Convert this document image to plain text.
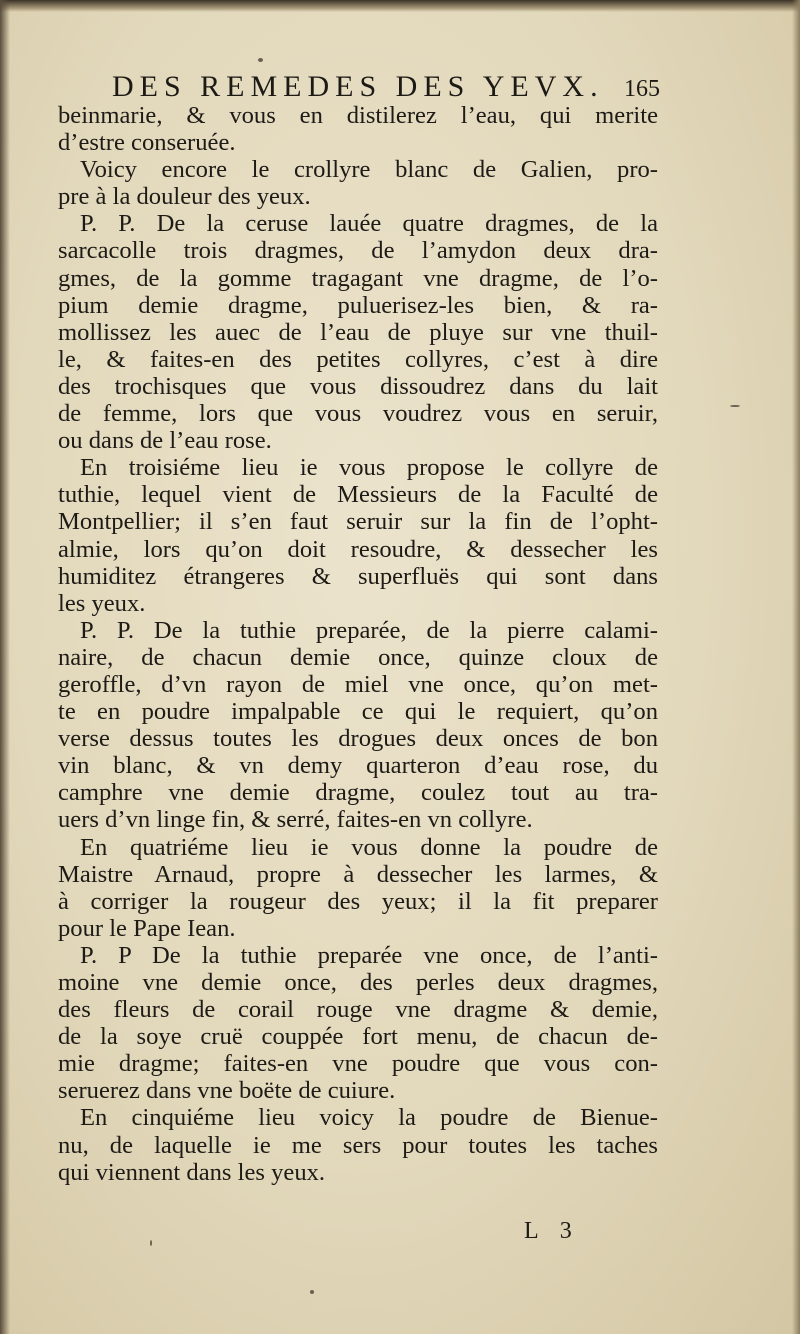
DES REMEDES DES YEVX. 165
beinmarie, & vous en distilerez l’eau, qui merite
d’estre conseruée.
Voicy encore le crollyre blanc de Galien, pro-
pre à la douleur des yeux.
P. P. De la ceruse lauée quatre dragmes, de la
sarcacolle trois dragmes, de l’amydon deux dra-
gmes, de la gomme tragagant vne dragme, de l’o-
pium demie dragme, puluerisez-les bien, & ra-
mollissez les auec de l’eau de pluye sur vne thuil-
le, & faites-en des petites collyres, c’est à dire
des trochisques que vous dissoudrez dans du lait
de femme, lors que vous voudrez vous en seruir,
ou dans de l’eau rose.
En troisiéme lieu ie vous propose le collyre de
tuthie, lequel vient de Messieurs de la Faculté de
Montpellier; il s’en faut seruir sur la fin de l’opht-
almie, lors qu’on doit resoudre, & dessecher les
humiditez étrangeres & superfluës qui sont dans
les yeux.
P. P. De la tuthie preparée, de la pierre calami-
naire, de chacun demie once, quinze cloux de
geroffle, d’vn rayon de miel vne once, qu’on met-
te en poudre impalpable ce qui le requiert, qu’on
verse dessus toutes les drogues deux onces de bon
vin blanc, & vn demy quarteron d’eau rose, du
camphre vne demie dragme, coulez tout au tra-
uers d’vn linge fin, & serré, faites-en vn collyre.
En quatriéme lieu ie vous donne la poudre de
Maistre Arnaud, propre à dessecher les larmes, &
à corriger la rougeur des yeux; il la fit preparer
pour le Pape Iean.
P. P De la tuthie preparée vne once, de l’anti-
moine vne demie once, des perles deux dragmes,
des fleurs de corail rouge vne dragme & demie,
de la soye cruë couppée fort menu, de chacun de-
mie dragme; faites-en vne poudre que vous con-
seruerez dans vne boëte de cuiure.
En cinquiéme lieu voicy la poudre de Bienue-
nu, de laquelle ie me sers pour toutes les taches
qui viennent dans les yeux.
L 3
